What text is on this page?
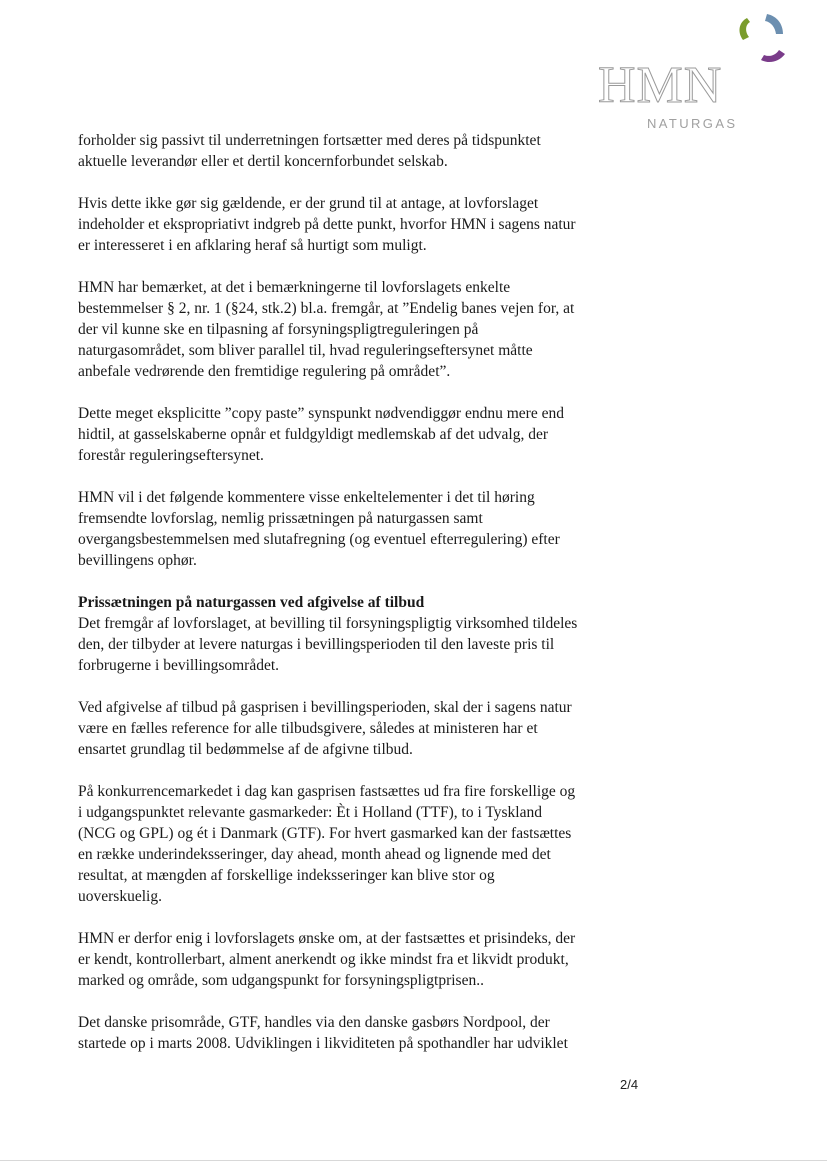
HMN
NATURGAS

forholder sig passivt til underretningen fortsætter med deres på tidspunktet aktuelle leverandør eller et dertil koncernforbundet selskab.

Hvis dette ikke gør sig gældende, er der grund til at antage, at lovforslaget indeholder et ekspropriativt indgreb på dette punkt, hvorfor HMN i sagens natur er interesseret i en afklaring heraf så hurtigt som muligt.

HMN har bemærket, at det i bemærkningerne til lovforslagets enkelte bestemmelser § 2, nr. 1 (§24, stk.2) bl.a. fremgår, at ”Endelig banes vejen for, at der vil kunne ske en tilpasning af forsyningspligtreguleringen på naturgasområdet, som bliver parallel til, hvad reguleringseftersynet måtte anbefale vedrørende den fremtidige regulering på området”.

Dette meget eksplicitte ”copy paste” synspunkt nødvendiggør endnu mere end hidtil, at gasselskaberne opnår et fuldgyldigt medlemskab af det udvalg, der forestår reguleringseftersynet.

HMN vil i det følgende kommentere visse enkeltelementer i det til høring fremsendte lovforslag, nemlig prissætningen på naturgassen samt overgangsbestemmelsen med slutafregning (og eventuel efterregulering) efter bevillingens ophør.

Prissætningen på naturgassen ved afgivelse af tilbud
Det fremgår af lovforslaget, at bevilling til forsyningspligtig virksomhed tildeles den, der tilbyder at levere naturgas i bevillingsperioden til den laveste pris til forbrugerne i bevillingsområdet.

Ved afgivelse af tilbud på gasprisen i bevillingsperioden, skal der i sagens natur være en fælles reference for alle tilbudsgivere, således at ministeren har et ensartet grundlag til bedømmelse af de afgivne tilbud.

På konkurrencemarkedet i dag kan gasprisen fastsættes ud fra fire forskellige og i udgangspunktet relevante gasmarkeder: Èt i Holland (TTF), to i Tyskland (NCG og GPL) og ét i Danmark (GTF). For hvert gasmarked kan der fastsættes en række underindeksseringer, day ahead, month ahead og lignende med det resultat, at mængden af forskellige indeksseringer kan blive stor og uoverskuelig.

HMN er derfor enig i lovforslagets ønske om, at der fastsættes et prisindeks, der er kendt, kontrollerbart, alment anerkendt og ikke mindst fra et likvidt produkt, marked og område, som udgangspunkt for forsyningspligtprisen..

Det danske prisområde, GTF, handles via den danske gasbørs Nordpool, der startede op i marts 2008. Udviklingen i likviditeten på spothandler har udviklet

2/4
